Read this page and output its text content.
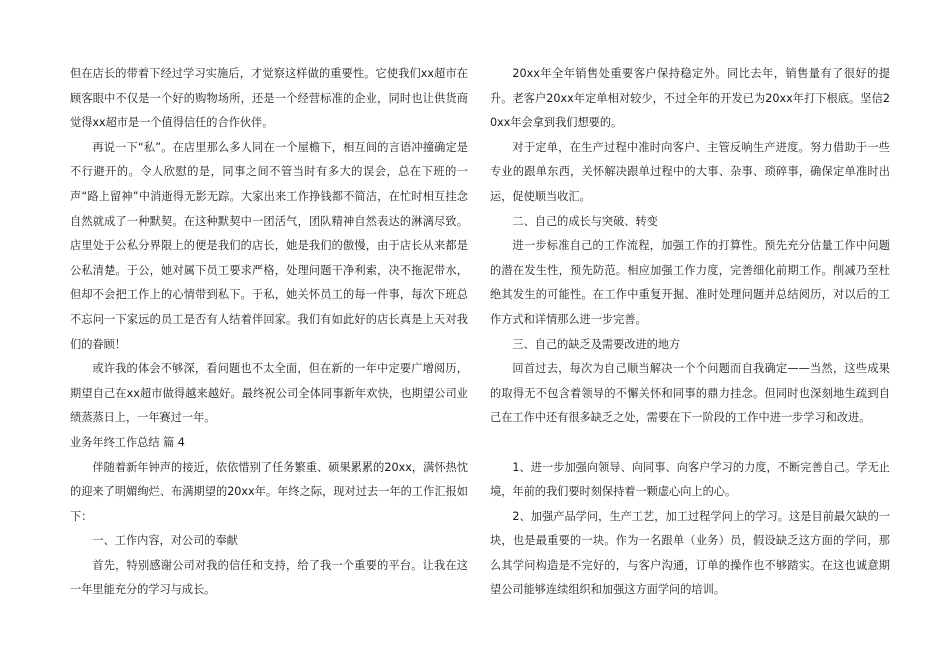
但在店长的带着下经过学习实施后，才觉察这样做的重要性。它使我们xx超市在顾客眼中不仅是一个好的购物场所，还是一个经营标准的企业，同时也让供货商觉得xx超市是一个值得信任的合作伙伴。

再说一下“私”。在店里那么多人同在一个屋檐下，相互间的言语冲撞确定是不行避开的。令人欣慰的是，同事之间不管当时有多大的误会，总在下班的一声“路上留神”中消逝得无影无踪。大家出来工作挣钱都不简洁，在忙时相互挂念自然就成了一种默契。在这种默契中一团活气，团队精神自然表达的淋漓尽致。店里处于公私分界限上的便是我们的店长，她是我们的傲慢，由于店长从来都是公私清楚。于公，她对属下员工要求严格，处理问题干净利索，决不拖泥带水，但却不会把工作上的心情带到私下。于私，她关怀员工的每一件事，每次下班总不忘问一下家远的员工是否有人结着伴回家。我们有如此好的店长真是上天对我们的眷顾！

或许我的体会不够深，看问题也不太全面，但在新的一年中定要广增阅历，期望自己在xx超市做得越来越好。最终祝公司全体同事新年欢快，也期望公司业绩蒸蒸日上，一年赛过一年。

业务年终工作总结 篇 4

伴随着新年钟声的接近，依依惜别了任务繁重、硕果累累的20xx，满怀热忱的迎来了明媚绚烂、布满期望的20xx年。年终之际，现对过去一年的工作汇报如下：

一、工作内容，对公司的奉献

首先，特别感谢公司对我的信任和支持，给了我一个重要的平台。让我在这一年里能充分的学习与成长。

20xx年全年销售处重要客户保持稳定外。同比去年，销售量有了很好的提升。老客户20xx年定单相对较少，不过全年的开发已为20xx年打下根底。坚信20xx年会拿到我们想要的。

对于定单，在生产过程中准时向客户、主管反响生产进度。努力借助于一些专业的跟单东西，关怀解决跟单过程中的大事、杂事、琐碎事，确保定单准时出运，促使顺当收汇。

二、自己的成长与突破、转变

进一步标准自己的工作流程，加强工作的打算性。预先充分估量工作中问题的潜在发生性，预先防范。相应加强工作力度，完善细化前期工作。削减乃至杜绝其发生的可能性。在工作中重复开掘、准时处理问题并总结阅历，对以后的工作方式和详情那么进一步完善。

三、自己的缺乏及需要改进的地方

回首过去，每次为自己顺当解决一个个问题而自我确定——当然，这些成果的取得无不包含着领导的不懈关怀和同事的鼎力挂念。但同时也深刻地生疏到自己在工作中还有很多缺乏之处，需要在下一阶段的工作中进一步学习和改进。

1、进一步加强向领导、向同事、向客户学习的力度，不断完善自己。学无止境，年前的我们要时刻保持着一颗虚心向上的心。

2、加强产品学问，生产工艺，加工过程学问上的学习。这是目前最欠缺的一块，也是最重要的一块。作为一名跟单（业务）员，假设缺乏这方面的学问，那么其学问构造是不完好的，与客户沟通，订单的操作也不够踏实。在这也诚意期望公司能够连续组织和加强这方面学问的培训。
